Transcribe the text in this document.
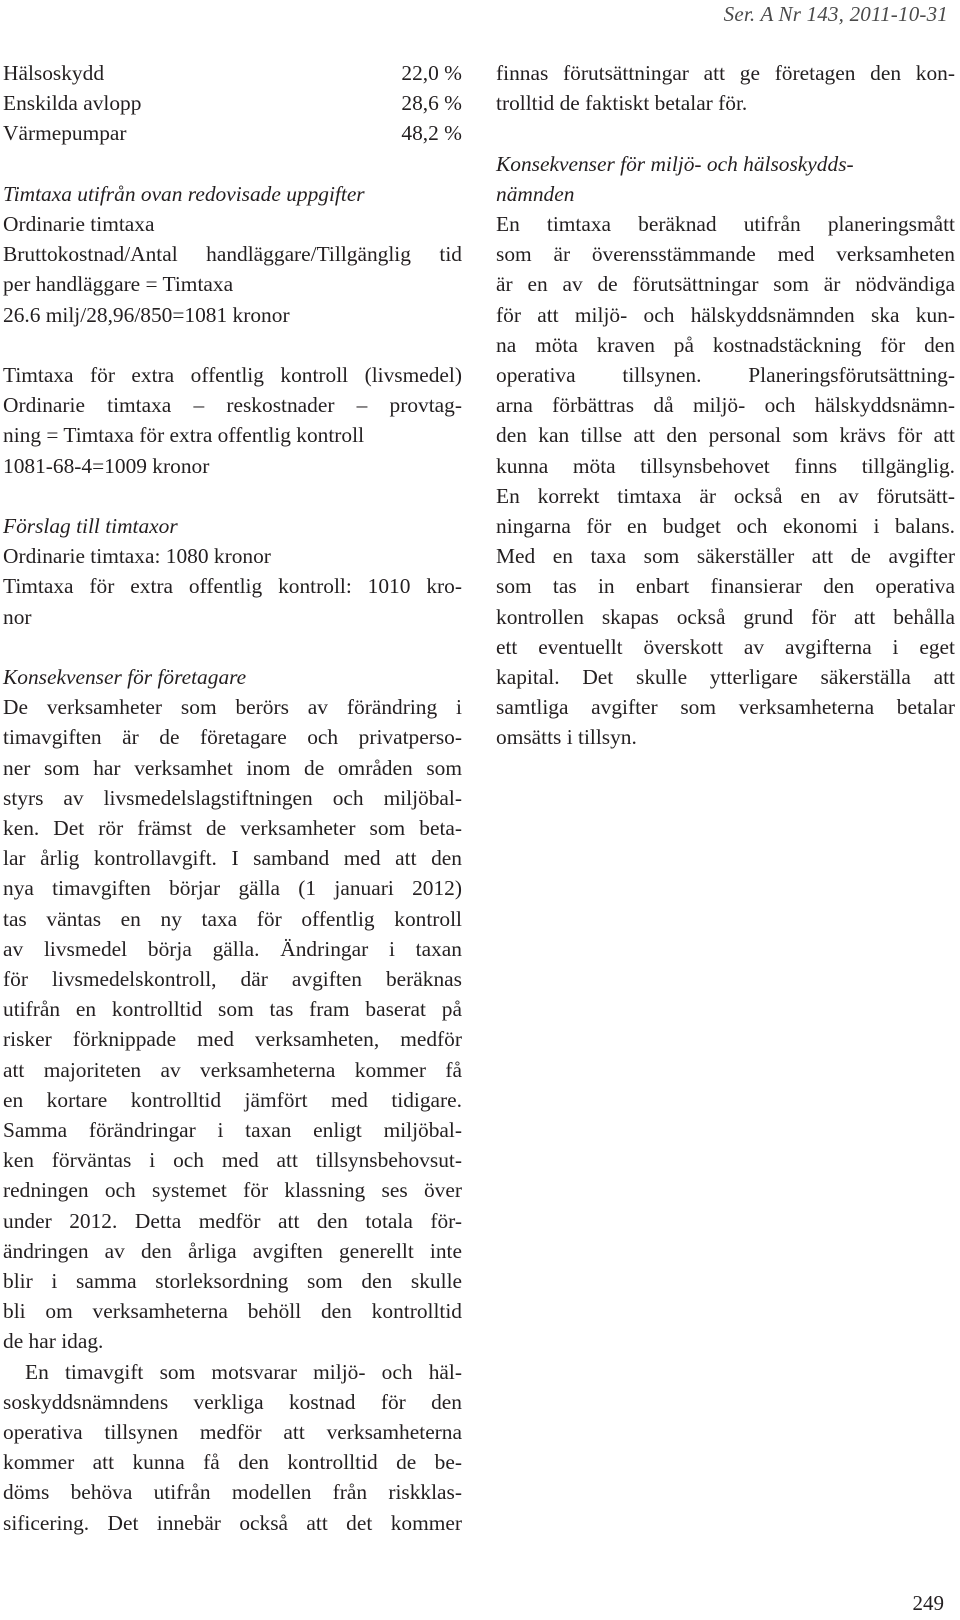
Ser. A Nr 143, 2011-10-31
Hälsoskydd	22,0 %
Enskilda avlopp	28,6 %
Värmepumpar	48,2 %
Timtaxa utifrån ovan redovisade uppgifter
Ordinarie timtaxa
Bruttokostnad/Antal handläggare/Tillgänglig tid
per handläggare = Timtaxa
26.6 milj/28,96/850=1081 kronor
Timtaxa för extra offentlig kontroll (livsmedel)
Ordinarie timtaxa – reskostnader – provtag-
ning = Timtaxa för extra offentlig kontroll
1081-68-4=1009 kronor
Förslag till timtaxor
Ordinarie timtaxa: 1080 kronor
Timtaxa för extra offentlig kontroll: 1010 kro-
nor
Konsekvenser för företagare
De verksamheter som berörs av förändring i
timavgiften är de företagare och privatperso-
ner som har verksamhet inom de områden som
styrs av livsmedelslagstiftningen och miljöbal-
ken. Det rör främst de verksamheter som beta-
lar årlig kontrollavgift. I samband med att den
nya timavgiften börjar gälla (1 januari 2012)
tas väntas en ny taxa för offentlig kontroll
av livsmedel börja gälla. Ändringar i taxan
för livsmedelskontroll, där avgiften beräknas
utifrån en kontrolltid som tas fram baserat på
risker förknippade med verksamheten, medför
att majoriteten av verksamheterna kommer få
en kortare kontrolltid jämfört med tidigare.
Samma förändringar i taxan enligt miljöbal-
ken förväntas i och med att tillsynsbehovsut-
redningen och systemet för klassning ses över
under 2012. Detta medför att den totala för-
ändringen av den årliga avgiften generellt inte
blir i samma storleksordning som den skulle
bli om verksamheterna behöll den kontrolltid
de har idag.
En timavgift som motsvarar miljö- och häl-
soskyddsnämndens verkliga kostnad för den
operativa tillsynen medför att verksamheterna
kommer att kunna få den kontrolltid de be-
döms behöva utifrån modellen från riskklas-
sificering. Det innebär också att det kommer
finnas förutsättningar att ge företagen den kon-
trolltid de faktiskt betalar för.
Konsekvenser för miljö- och hälsoskydds-
nämnden
En timtaxa beräknad utifrån planeringsmått
som är överensstämmande med verksamheten
är en av de förutsättningar som är nödvändiga
för att miljö- och hälskyddsnämnden ska kun-
na möta kraven på kostnadstäckning för den
operativa tillsynen. Planeringsförutsättning-
arna förbättras då miljö- och hälskyddsnämn-
den kan tillse att den personal som krävs för att
kunna möta tillsynsbehovet finns tillgänglig.
En korrekt timtaxa är också en av förutsätt-
ningarna för en budget och ekonomi i balans.
Med en taxa som säkerställer att de avgifter
som tas in enbart finansierar den operativa
kontrollen skapas också grund för att behålla
ett eventuellt överskott av avgifterna i eget
kapital. Det skulle ytterligare säkerställa att
samtliga avgifter som verksamheterna betalar
omsätts i tillsyn.
249
